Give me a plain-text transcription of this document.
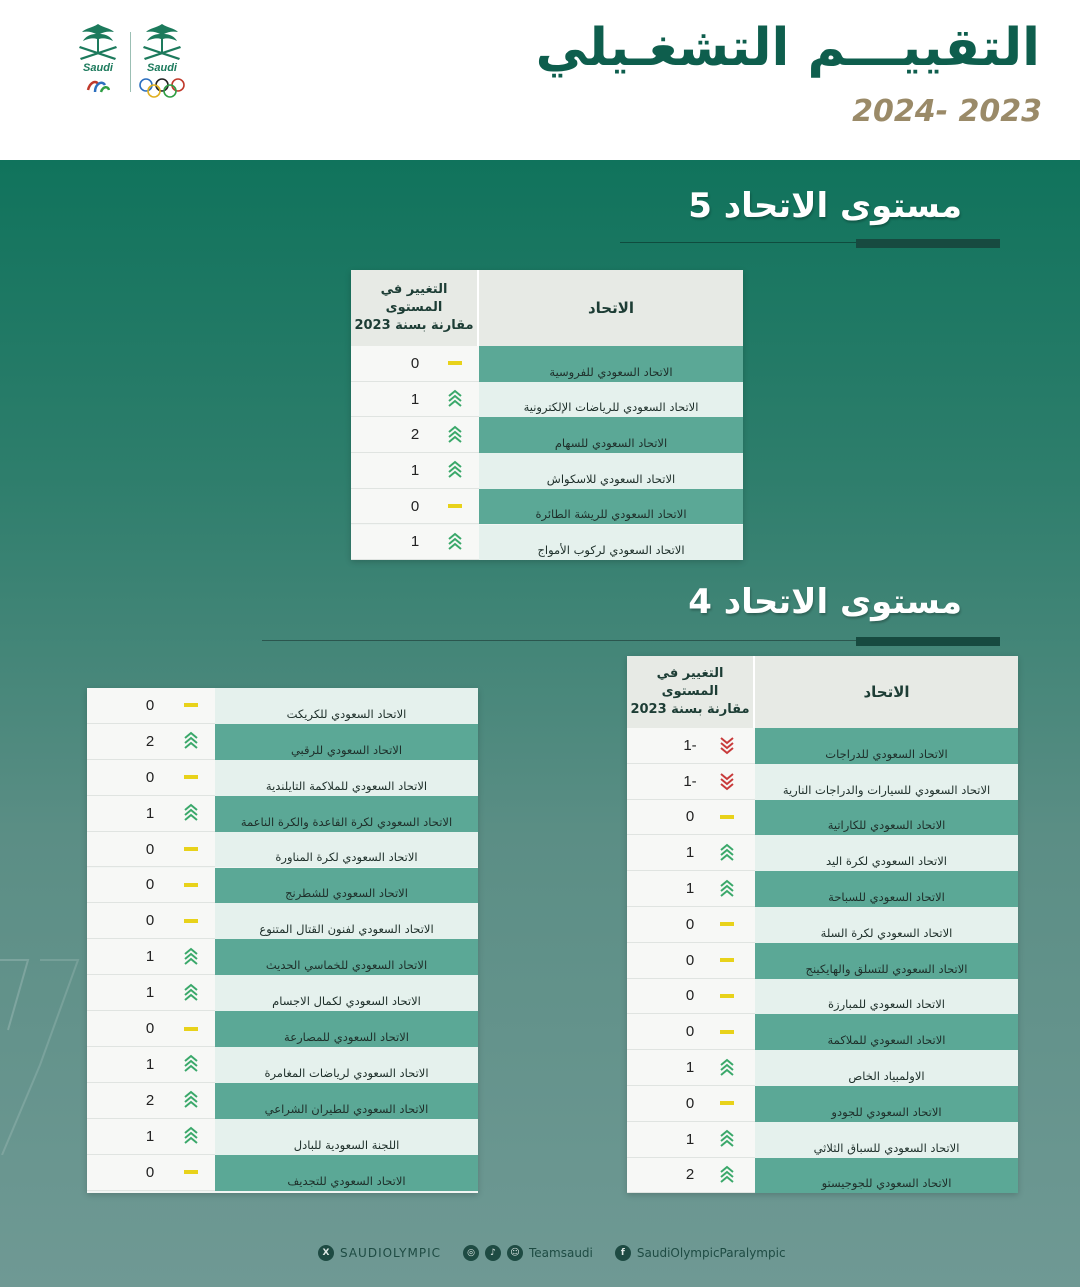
التقييـــم التشغـيلي
2024- 2023
Saudi	Saudi
مستوى الاتحاد 5
التغيير في المستوى
مقارنة بسنة 2023
الاتحاد
0	الاتحاد السعودي للفروسية
1	الاتحاد السعودي للرياضات الإلكترونية
2	الاتحاد السعودي للسهام
1	الاتحاد السعودي للاسكواش
0	الاتحاد السعودي للريشة الطائرة
1	الاتحاد السعودي لركوب الأمواج
مستوى الاتحاد 4
التغيير في المستوى
مقارنة بسنة 2023
الاتحاد
1-	الاتحاد السعودي للدراجات
1-	الاتحاد السعودي للسيارات والدراجات النارية
0	الاتحاد السعودي للكاراتية
1	الاتحاد السعودي لكرة اليد
1	الاتحاد السعودي للسباحة
0	الاتحاد السعودي لكرة السلة
0	الاتحاد السعودي للتسلق والهايكينج
0	الاتحاد السعودي للمبارزة
0	الاتحاد السعودي للملاكمة
1	الاولمبياد الخاص
0	الاتحاد السعودي للجودو
1	الاتحاد السعودي للسباق الثلاثي
2	الاتحاد السعودي للجوجيستو
0	الاتحاد السعودي للكريكت
2	الاتحاد السعودي للرقبي
0	الاتحاد السعودي للملاكمة التايلندية
1	الاتحاد السعودي لكرة القاعدة والكرة الناعمة
0	الاتحاد السعودي لكرة المناورة
0	الاتحاد السعودي للشطرنج
0	الاتحاد السعودي لفنون القتال المتنوع
1	الاتحاد السعودي للخماسي الحديث
1	الاتحاد السعودي لكمال الاجسام
0	الاتحاد السعودي للمصارعة
1	الاتحاد السعودي لرياضات المغامرة
2	الاتحاد السعودي للطيران الشراعي
1	اللجنة السعودية للبادل
0	الاتحاد السعودي للتجديف
X SAUDIOLYMPIC	◎	♪	☺ Teamsaudi	f	SaudiOlympicParalympic
